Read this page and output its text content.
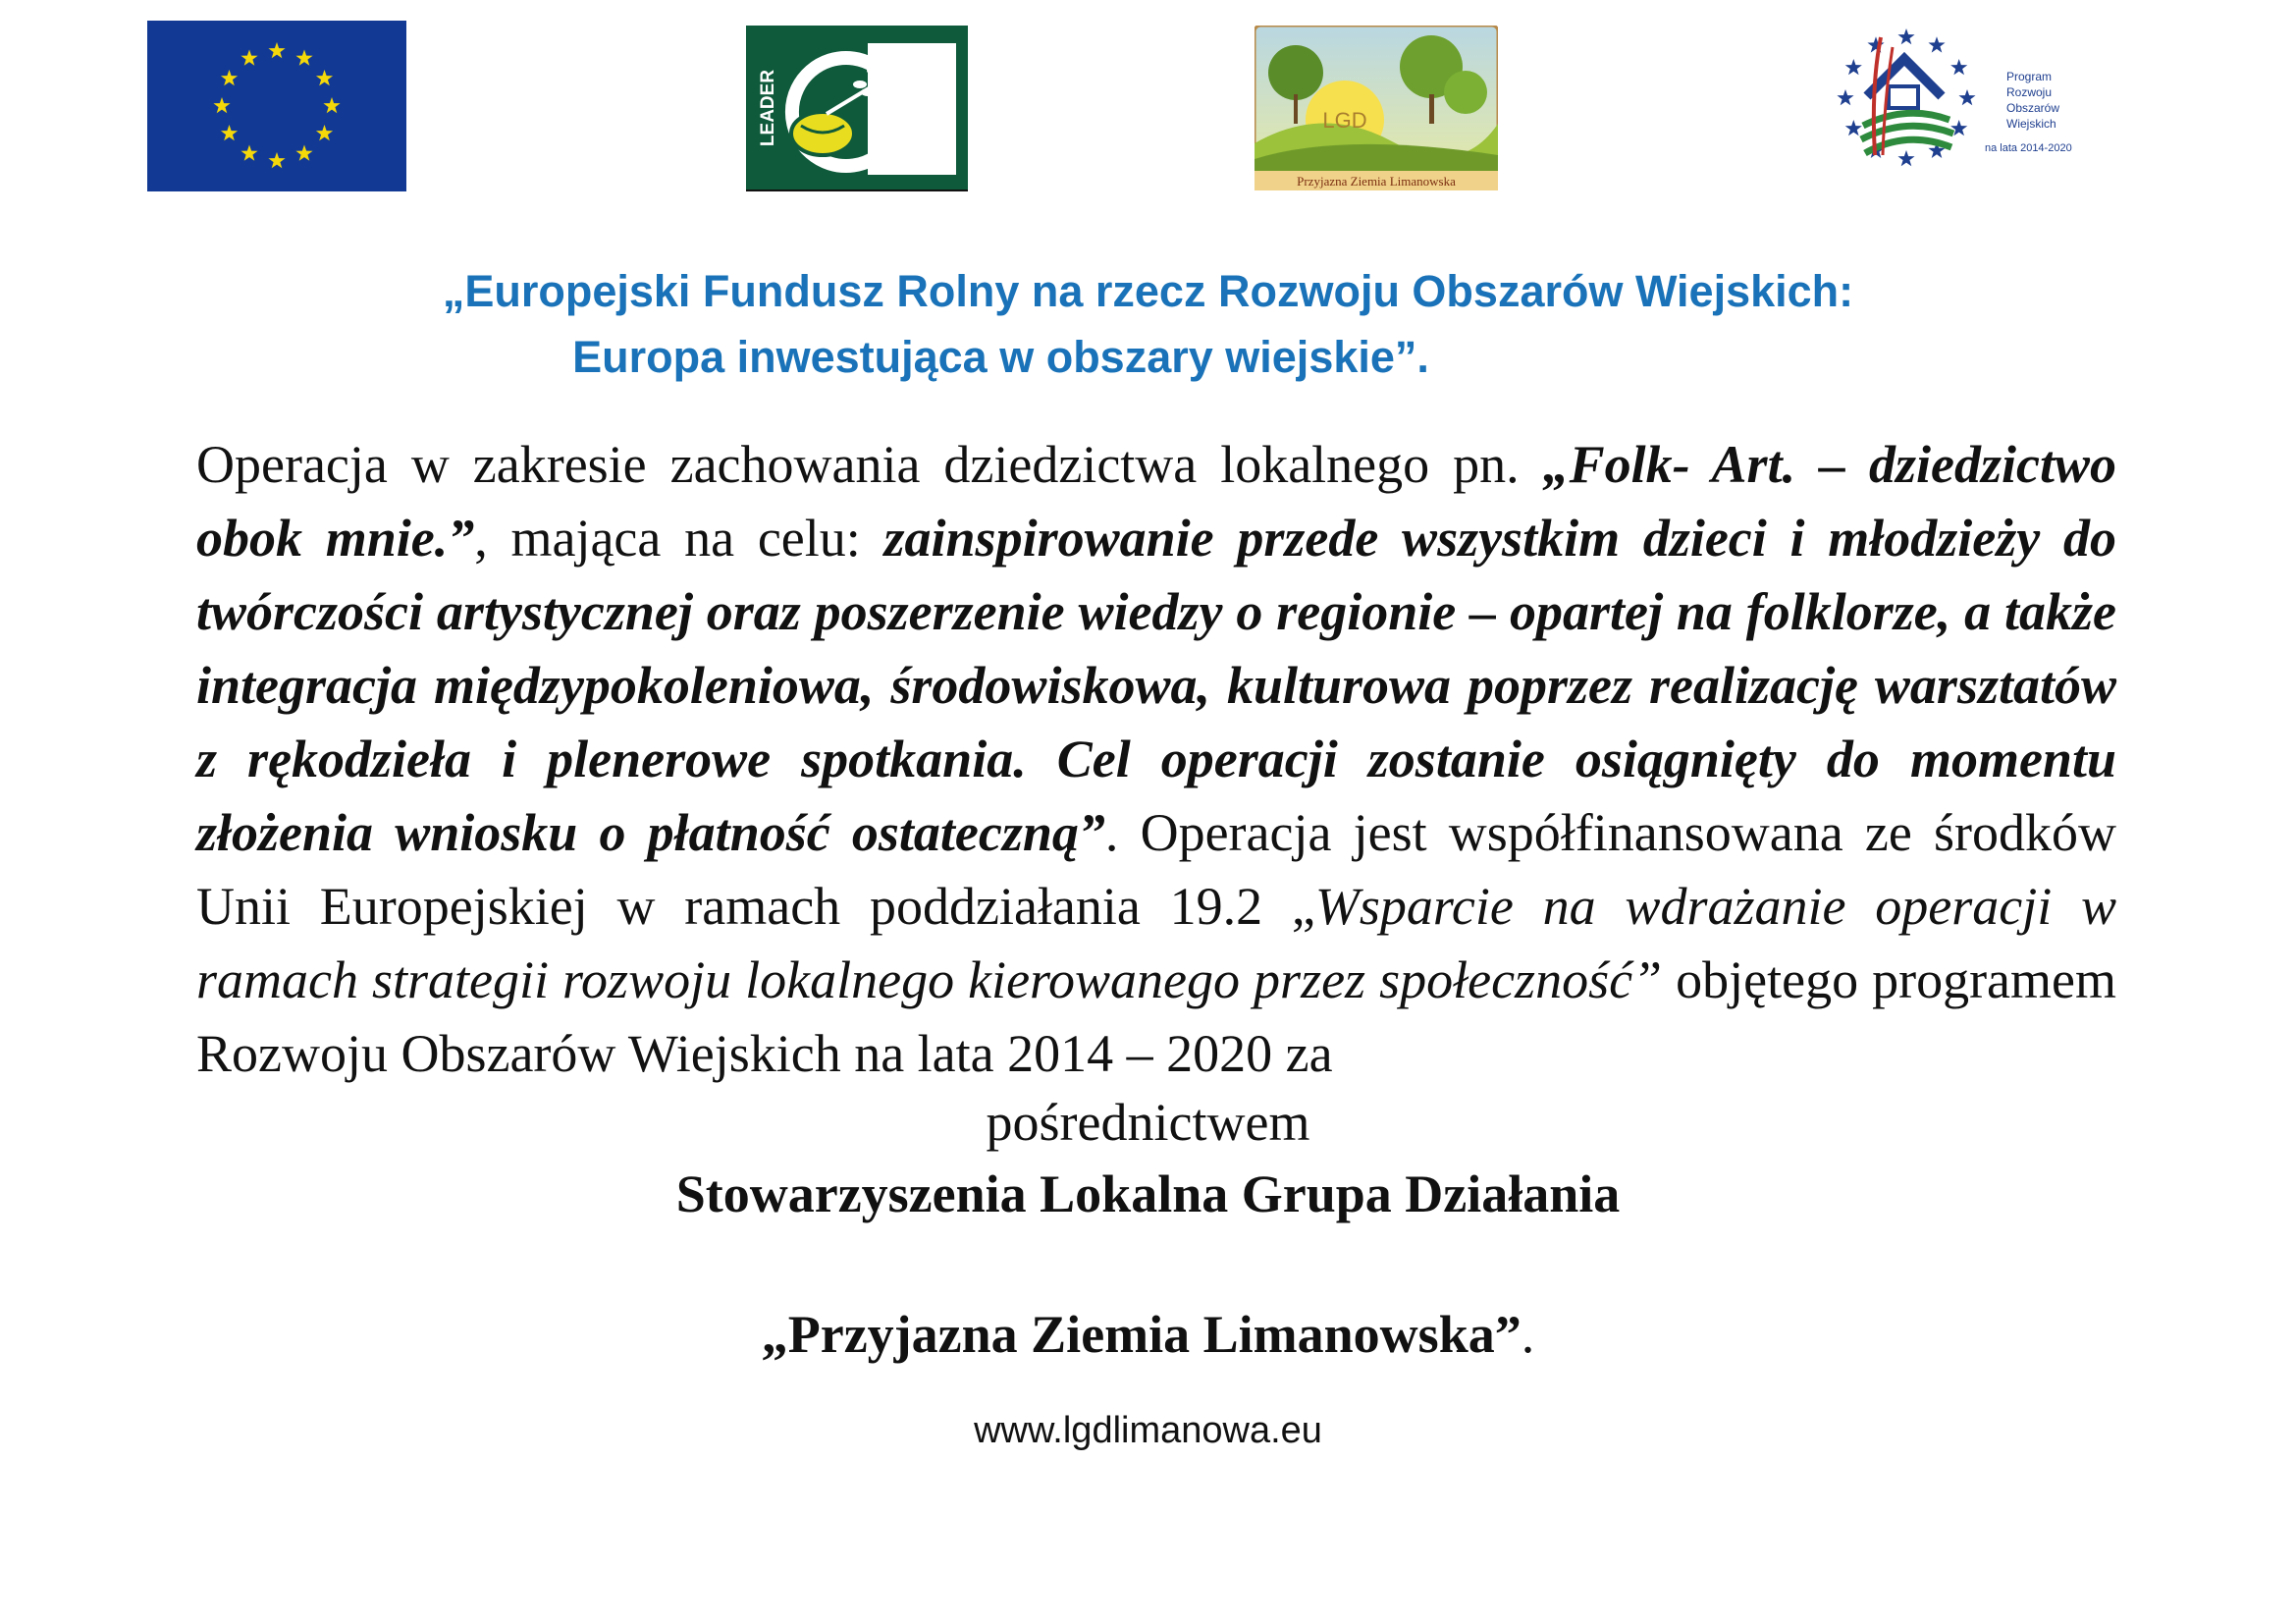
LEADER	LGD
Przyjazna Ziemia Limanowska
Program
Rozwoju
Obszarów
Wiejskich
na lata 2014-2020
„Europejski Fundusz Rolny na rzecz Rozwoju Obszarów Wiejskich:
Europa inwestująca w obszary wiejskie”.
Operacja w zakresie zachowania dziedzictwa lokalnego pn. „Folk- Art. – dziedzictwo obok mnie.”, mająca na celu: zainspirowanie przede wszystkim dzieci i młodzieży do twórczości artystycznej oraz poszerzenie wiedzy o regionie – opartej na folklorze, a także integracja międzypokoleniowa, środowiskowa, kulturowa poprzez realizację warsztatów z rękodzieła i plenerowe spotkania. Cel operacji zostanie osiągnięty do momentu złożenia wniosku o płatność ostateczną”. Operacja jest współfinansowana ze środków Unii Europejskiej w ramach poddziałania 19.2 „Wsparcie na wdrażanie operacji w ramach strategii rozwoju lokalnego kierowanego przez społeczność” objętego programem Rozwoju Obszarów Wiejskich na lata 2014 – 2020 za
pośrednictwem
Stowarzyszenia Lokalna Grupa Działania
„Przyjazna Ziemia Limanowska”.
www.lgdlimanowa.eu
